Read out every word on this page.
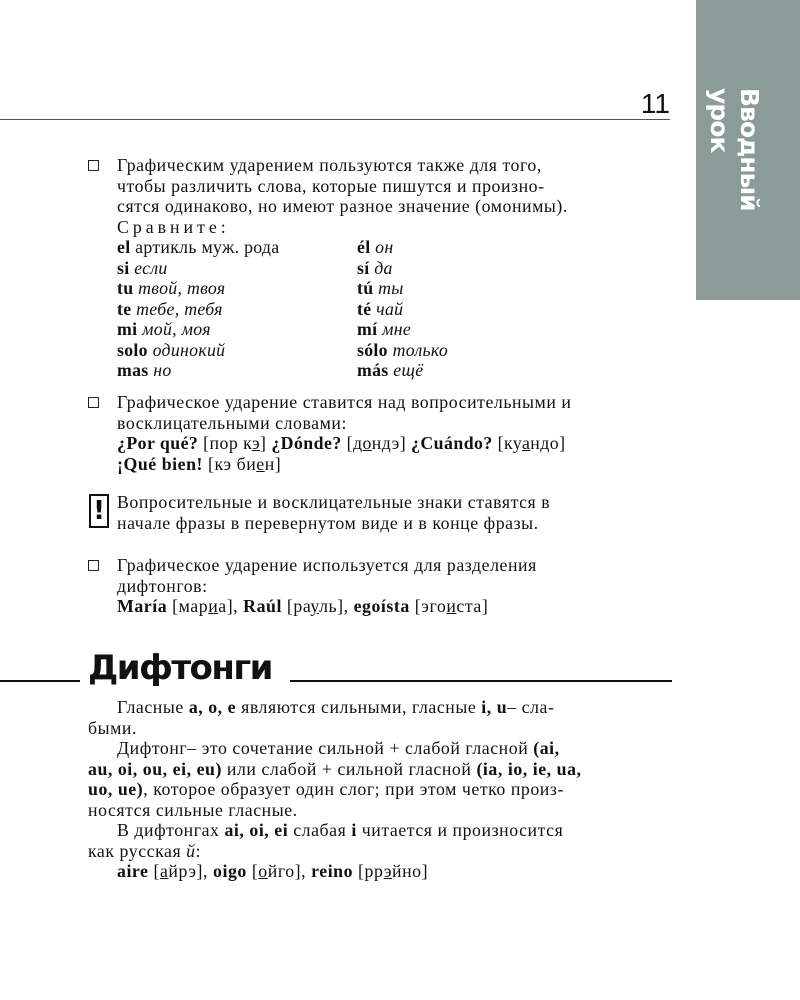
Вводный урок
11

Графическим ударением пользуются также для того,

чтобы различить слова, которые пишутся и произно-

сятся одинаково, но имеют разное значение (омонимы).

Сравните:

el артикль муж. рода	él он
si если	sí да
tu твой, твоя	tú ты
te тебе, тебя	té чай
mi мой, моя	mí мне
solo одинокий	sólo только
mas но	más ещё

Графическое ударение ставится над вопросительными и

восклицательными словами:

¿Por qué? [пор кэ] ¿Dónde? [дондэ] ¿Cuándo? [куандо]

¡Qué bien! [кэ биен]

! Вопросительные и восклицательные знаки ставятся в

начале фразы в перевернутом виде и в конце фразы.

Графическое ударение используется для разделения

дифтонгов:

María [мариа], Raúl [рауль], egoísta [эгоиста]

Дифтонги

Гласные a, o, e являются сильными, гласные i, u– сла-

быми.

Дифтонг– это сочетание сильной + слабой гласной (ai,

au, oi, ou, ei, eu) или слабой + сильной гласной (ia, io, ie, ua,

uo, ue), которое образует один слог; при этом четко произ-

носятся сильные гласные.

В дифтонгах ai, oi, ei слабая i читается и произносится

как русская й:

aire [айрэ], oigo [ойго], reino [ррэйно]
